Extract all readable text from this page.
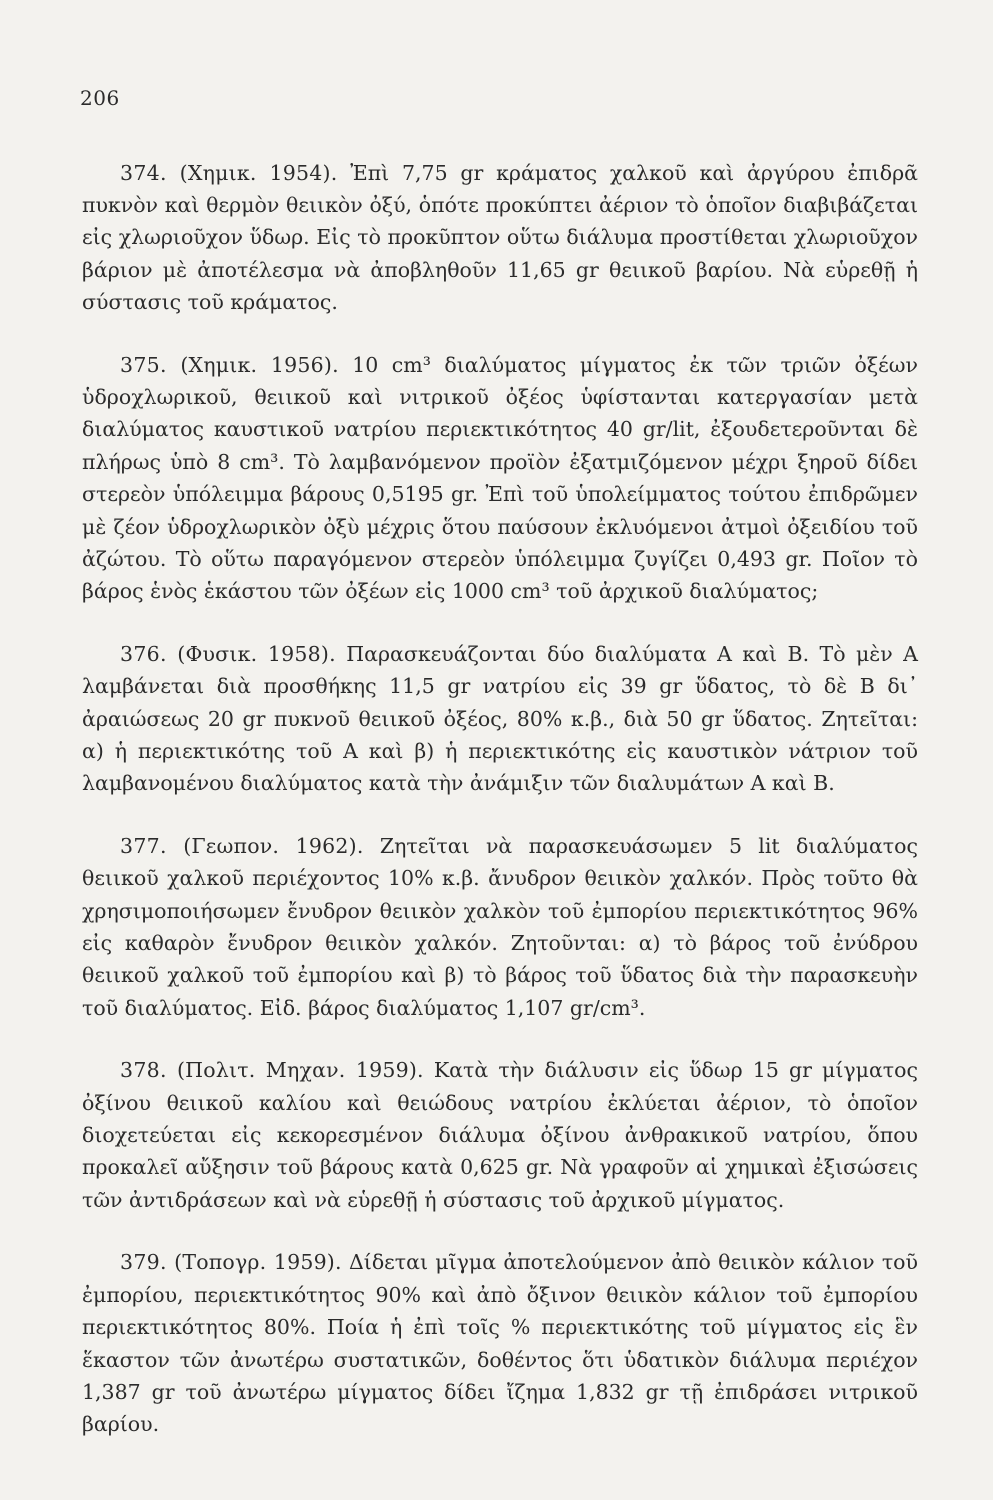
206

374. (Χημικ. 1954). Ἐπὶ 7,75 gr κράματος χαλκοῦ καὶ ἀργύρου ἐπιδρᾶ πυκνὸν καὶ θερμὸν θειικὸν ὀξύ, ὁπότε προκύπτει ἀέριον τὸ ὁποῖον διαβιβάζεται εἰς χλωριοῦχον ὕδωρ. Εἰς τὸ προκῦπτον οὕτω διάλυμα προστίθεται χλωριοῦχον βάριον μὲ ἀποτέλεσμα νὰ ἀποβληθοῦν 11,65 gr θειικοῦ βαρίου. Νὰ εὑρεθῇ ἡ σύστασις τοῦ κράματος.

375. (Χημικ. 1956). 10 cm³ διαλύματος μίγματος ἐκ τῶν τριῶν ὀξέων ὑδροχλωρικοῦ, θειικοῦ καὶ νιτρικοῦ ὀξέος ὑφίστανται κατεργασίαν μετὰ διαλύματος καυστικοῦ νατρίου περιεκτικότητος 40 gr/lit, ἐξουδετεροῦνται δὲ πλήρως ὑπὸ 8 cm³. Τὸ λαμβανόμενον προϊὸν ἐξατμιζόμενον μέχρι ξηροῦ δίδει στερεὸν ὑπόλειμμα βάρους 0,5195 gr. Ἐπὶ τοῦ ὑπολείμματος τούτου ἐπιδρῶμεν μὲ ζέον ὑδροχλωρικὸν ὀξὺ μέχρις ὅτου παύσουν ἐκλυόμενοι ἀτμοὶ ὀξειδίου τοῦ ἀζώτου. Τὸ οὕτω παραγόμενον στερεὸν ὑπόλειμμα ζυγίζει 0,493 gr. Ποῖον τὸ βάρος ἑνὸς ἑκάστου τῶν ὀξέων εἰς 1000 cm³ τοῦ ἀρχικοῦ διαλύματος;

376. (Φυσικ. 1958). Παρασκευάζονται δύο διαλύματα Α καὶ Β. Τὸ μὲν Α λαμβάνεται διὰ προσθήκης 11,5 gr νατρίου εἰς 39 gr ὕδατος, τὸ δὲ Β δι᾽ ἀραιώσεως 20 gr πυκνοῦ θειικοῦ ὀξέος, 80% κ.β., διὰ 50 gr ὕδατος. Ζητεῖται: α) ἡ περιεκτικότης τοῦ Α καὶ β) ἡ περιεκτικότης εἰς καυστικὸν νάτριον τοῦ λαμβανομένου διαλύματος κατὰ τὴν ἀνάμιξιν τῶν διαλυμάτων Α καὶ Β.

377. (Γεωπον. 1962). Ζητεῖται νὰ παρασκευάσωμεν 5 lit διαλύματος θειικοῦ χαλκοῦ περιέχοντος 10% κ.β. ἄνυδρον θειικὸν χαλκόν. Πρὸς τοῦτο θὰ χρησιμοποιήσωμεν ἔνυδρον θειικὸν χαλκὸν τοῦ ἐμπορίου περιεκτικότητος 96% εἰς καθαρὸν ἔνυδρον θειικὸν χαλκόν. Ζητοῦνται: α) τὸ βάρος τοῦ ἐνύδρου θειικοῦ χαλκοῦ τοῦ ἐμπορίου καὶ β) τὸ βάρος τοῦ ὕδατος διὰ τὴν παρασκευὴν τοῦ διαλύματος. Εἰδ. βάρος διαλύματος 1,107 gr/cm³.

378. (Πολιτ. Μηχαν. 1959). Κατὰ τὴν διάλυσιν εἰς ὕδωρ 15 gr μίγματος ὀξίνου θειικοῦ καλίου καὶ θειώδους νατρίου ἐκλύεται ἀέριον, τὸ ὁποῖον διοχετεύεται εἰς κεκορεσμένον διάλυμα ὀξίνου ἀνθρακικοῦ νατρίου, ὅπου προκαλεῖ αὔξησιν τοῦ βάρους κατὰ 0,625 gr. Νὰ γραφοῦν αἱ χημικαὶ ἐξισώσεις τῶν ἀντιδράσεων καὶ νὰ εὑρεθῇ ἡ σύστασις τοῦ ἀρχικοῦ μίγματος.

379. (Τοπογρ. 1959). Δίδεται μῖγμα ἀποτελούμενον ἀπὸ θειικὸν κάλιον τοῦ ἐμπορίου, περιεκτικότητος 90% καὶ ἀπὸ ὄξινον θειικὸν κάλιον τοῦ ἐμπορίου περιεκτικότητος 80%. Ποία ἡ ἐπὶ τοῖς % περιεκτικότης τοῦ μίγματος εἰς ἓν ἕκαστον τῶν ἀνωτέρω συστατικῶν, δοθέντος ὅτι ὑδατικὸν διάλυμα περιέχον 1,387 gr τοῦ ἀνωτέρω μίγματος δίδει ἴζημα 1,832 gr τῇ ἐπιδράσει νιτρικοῦ βαρίου.
